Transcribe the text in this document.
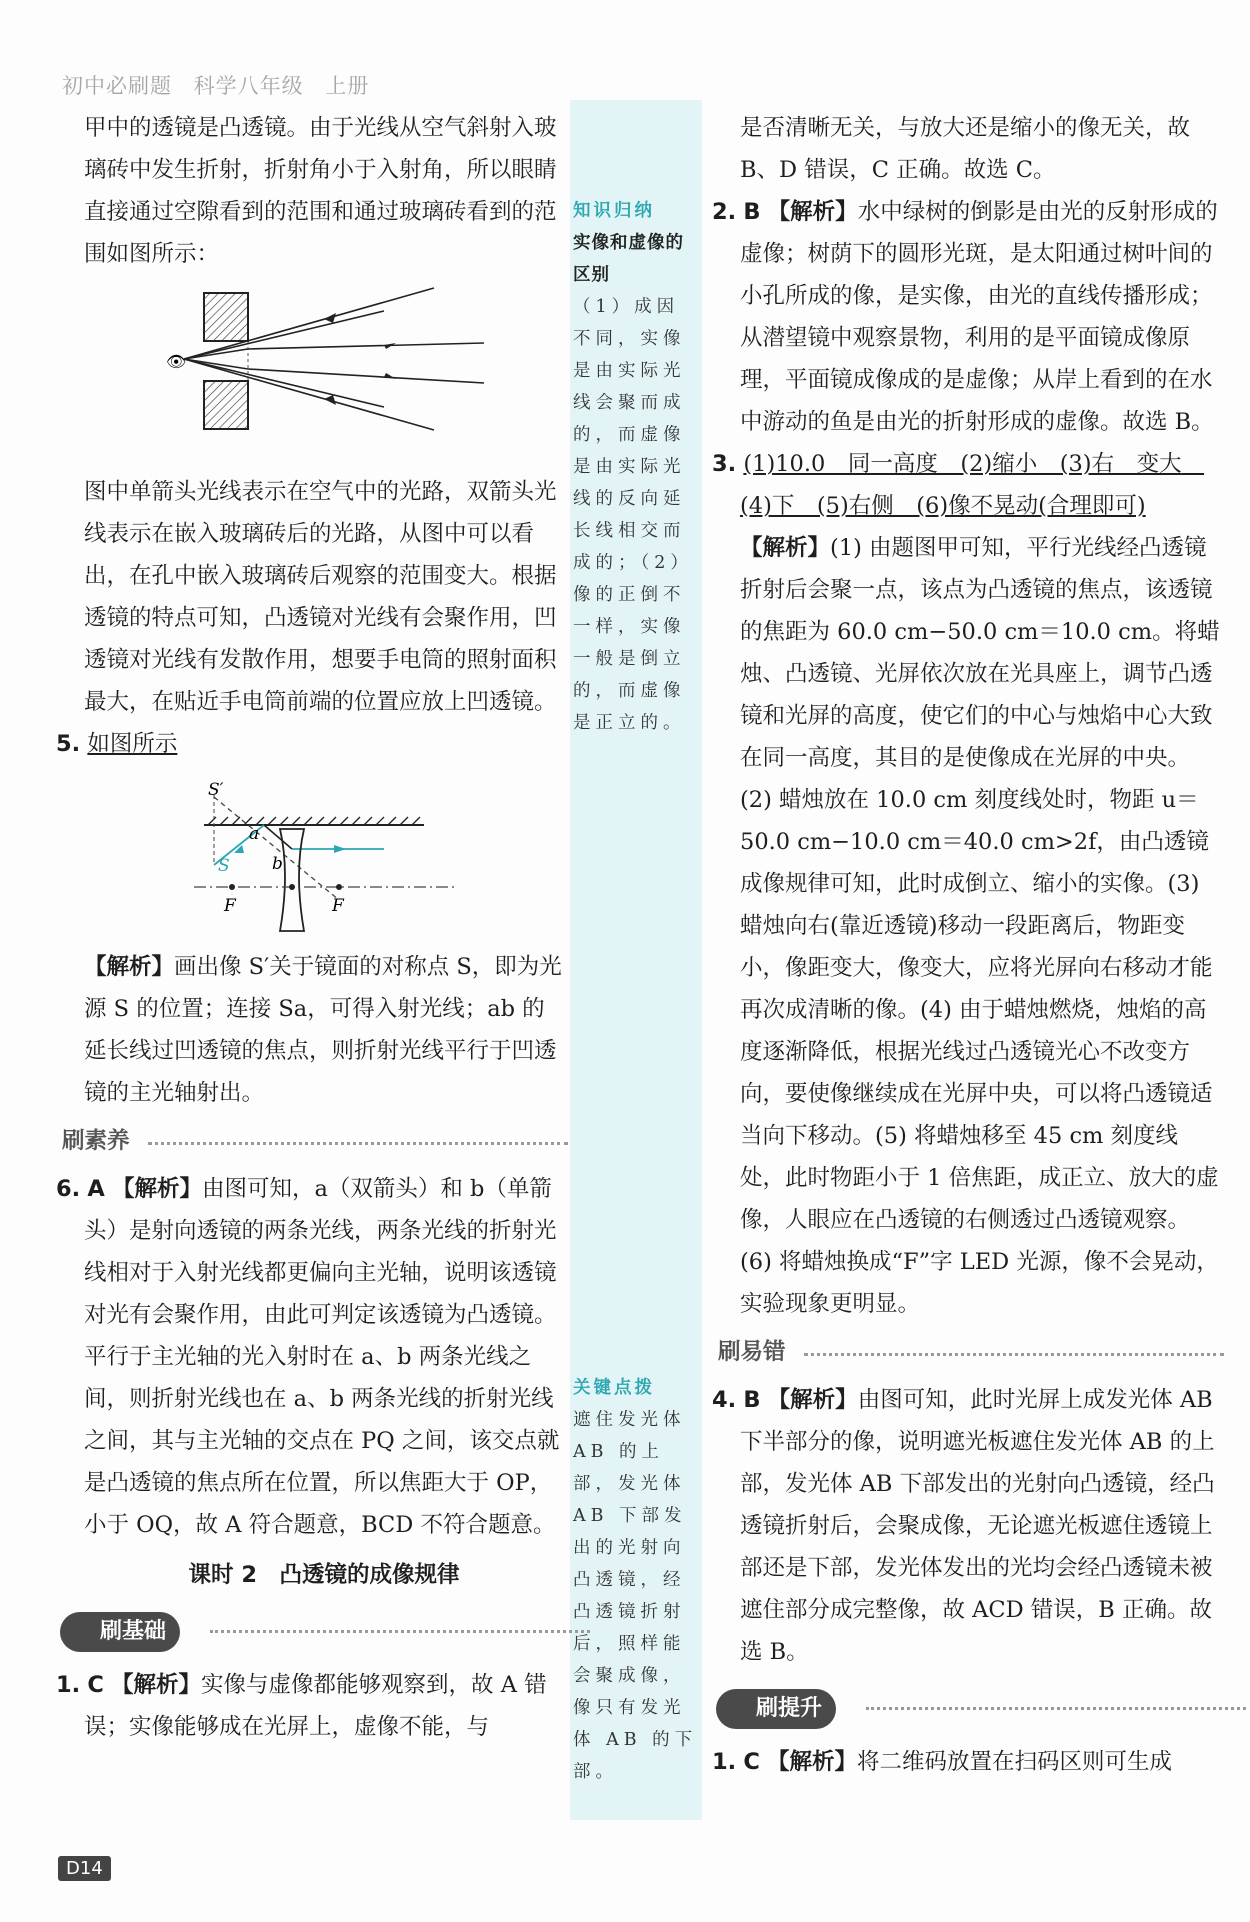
初中必刷题 科学八年级 上册

甲中的透镜是凸透镜。由于光线从空气斜射入玻璃砖中发生折射，折射角小于入射角，所以眼睛直接通过空隙看到的范围和通过玻璃砖看到的范围如图所示：

👁

图中单箭头光线表示在空气中的光路，双箭头光线表示在嵌入玻璃砖后的光路，从图中可以看出，在孔中嵌入玻璃砖后观察的范围变大。根据透镜的特点可知，凸透镜对光线有会聚作用，凹透镜对光线有发散作用，想要手电筒的照射面积最大，在贴近手电筒前端的位置应放上凹透镜。

5. 如图所示

S′
S
a
b
F	F

【解析】画出像 S′关于镜面的对称点 S，即为光源 S 的位置；连接 Sa，可得入射光线；ab 的延长线过凹透镜的焦点，则折射光线平行于凹透镜的主光轴射出。

刷素养

6. A 【解析】由图可知，a（双箭头）和 b（单箭头）是射向透镜的两条光线，两条光线的折射光线相对于入射光线都更偏向主光轴，说明该透镜对光有会聚作用，由此可判定该透镜为凸透镜。平行于主光轴的光入射时在 a、b 两条光线之间，则折射光线也在 a、b 两条光线的折射光线之间，其与主光轴的交点在 PQ 之间，该交点就是凸透镜的焦点所在位置，所以焦距大于 OP，小于 OQ，故 A 符合题意，BCD 不符合题意。

课时 2　凸透镜的成像规律
刷基础

1. C 【解析】实像与虚像都能够观察到，故 A 错误；实像能够成在光屏上，虚像不能，与

知识归纳
实像和虚像的区别
（1）成因不同，实像是由实际光线会聚而成的，而虚像是由实际光线的反向延长线相交而成的；（2）像的正倒不一样，实像一般是倒立的，而虚像是正立的。
关键点拨
遮住发光体 AB 的上部，发光体 AB 下部发出的光射向凸透镜，经凸透镜折射后，照样能会聚成像，像只有发光体 AB 的下部。

是否清晰无关，与放大还是缩小的像无关，故 B、D 错误，C 正确。故选 C。

2. B 【解析】水中绿树的倒影是由光的反射形成的虚像；树荫下的圆形光斑，是太阳通过树叶间的小孔所成的像，是实像，由光的直线传播形成；从潜望镜中观察景物，利用的是平面镜成像原理，平面镜成像成的是虚像；从岸上看到的在水中游动的鱼是由光的折射形成的虚像。故选 B。

3. (1)10.0　同一高度　(2)缩小　(3)右　变大　(4)下　(5)右侧　(6)像不晃动(合理即可)

【解析】(1) 由题图甲可知，平行光线经凸透镜折射后会聚一点，该点为凸透镜的焦点，该透镜的焦距为 60.0 cm−50.0 cm＝10.0 cm。将蜡烛、凸透镜、光屏依次放在光具座上，调节凸透镜和光屏的高度，使它们的中心与烛焰中心大致在同一高度，其目的是使像成在光屏的中央。(2) 蜡烛放在 10.0 cm 刻度线处时，物距 u＝50.0 cm−10.0 cm＝40.0 cm>2f，由凸透镜成像规律可知，此时成倒立、缩小的实像。(3) 蜡烛向右(靠近透镜)移动一段距离后，物距变小，像距变大，像变大，应将光屏向右移动才能再次成清晰的像。(4) 由于蜡烛燃烧，烛焰的高度逐渐降低，根据光线过凸透镜光心不改变方向，要使像继续成在光屏中央，可以将凸透镜适当向下移动。(5) 将蜡烛移至 45 cm 刻度线处，此时物距小于 1 倍焦距，成正立、放大的虚像，人眼应在凸透镜的右侧透过凸透镜观察。(6) 将蜡烛换成“F”字 LED 光源，像不会晃动，实验现象更明显。

刷易错

4. B 【解析】由图可知，此时光屏上成发光体 AB 下半部分的像，说明遮光板遮住发光体 AB 的上部，发光体 AB 下部发出的光射向凸透镜，经凸透镜折射后，会聚成像，无论遮光板遮住透镜上部还是下部，发光体发出的光均会经凸透镜未被遮住部分成完整像，故 ACD 错误，B 正确。故选 B。

刷提升

1. C 【解析】将二维码放置在扫码区则可生成

D14
